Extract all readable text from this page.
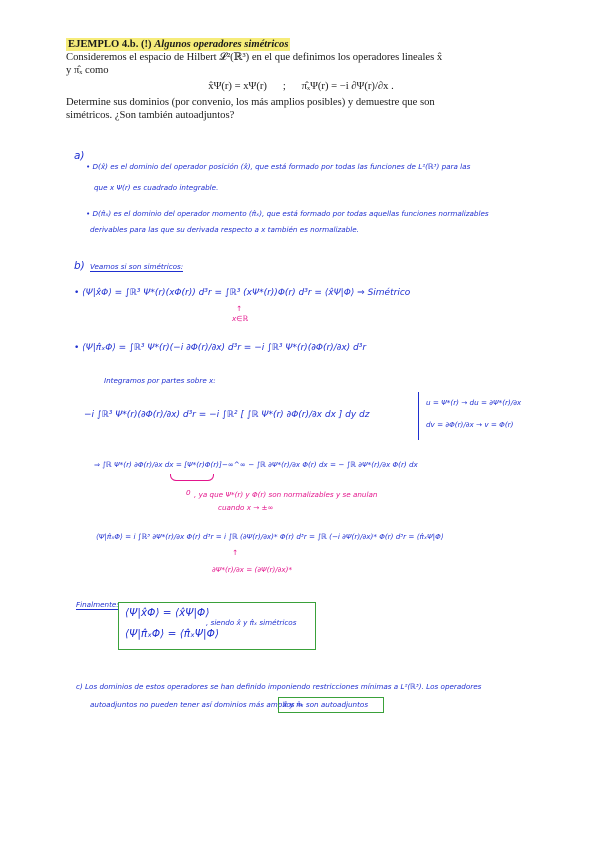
EJEMPLO 4.b. (!) Algunos operadores simétricos
Consideremos el espacio de Hilbert 𝓛²(ℝ³) en el que definimos los operadores lineales x̂
y π̂ₓ como
x̂Ψ(r) = xΨ(r)      ;      π̂ₓΨ(r) = −i ∂Ψ(r)/∂x .
Determine sus dominios (por convenio, los más amplios posibles) y demuestre que son
simétricos. ¿Son también autoadjuntos?
a)
• D(x̂) es el dominio del operador posición (x̂), que está formado por todas las funciones de L²(ℝ³) para las
que x Ψ(r) es cuadrado integrable.
• D(π̂ₓ) es el dominio del operador momento (π̂ₓ), que está formado por todas aquellas funciones normalizables
derivables para las que su derivada respecto a x también es normalizable.
b) Veamos si son simétricos:
• ⟨Ψ|x̂Φ⟩ = ∫ℝ³ Ψ*(r)(xΦ(r)) d³r = ∫ℝ³ (xΨ*(r))Φ(r) d³r = ⟨x̂Ψ|Φ⟩ ⇒ Simétrico
↑
x∈ℝ
• ⟨Ψ|π̂ₓΦ⟩ = ∫ℝ³ Ψ*(r)(−i ∂Φ(r)/∂x) d³r = −i ∫ℝ³ Ψ*(r)(∂Φ(r)/∂x) d³r
Integramos por partes sobre x:
−i ∫ℝ³ Ψ*(r)(∂Φ(r)/∂x) d³r = −i ∫ℝ² [ ∫ℝ Ψ*(r) ∂Φ(r)/∂x dx ] dy dz
u = Ψ*(r) → du = ∂Ψ*(r)/∂x
dv = ∂Φ(r)/∂x → v = Φ(r)
⇒ ∫ℝ Ψ*(r) ∂Φ(r)/∂x dx = [Ψ*(r)Φ(r)]−∞^∞ − ∫ℝ ∂Ψ*(r)/∂x Φ(r) dx = − ∫ℝ ∂Ψ*(r)/∂x Φ(r) dx
0 , ya que Ψ*(r) y Φ(r) son normalizables y se anulan
cuando x → ±∞
⟨Ψ|π̂ₓΦ⟩ = i ∫ℝ³ ∂Ψ*(r)/∂x Φ(r) d³r = i ∫ℝ (∂Ψ(r)/∂x)* Φ(r) d³r = ∫ℝ (−i ∂Ψ(r)/∂x)* Φ(r) d³r = ⟨π̂ₓΨ|Φ⟩
↑
∂Ψ*(r)/∂x = (∂Ψ(r)/∂x)*
Finalmente:
⟨Ψ|x̂Φ⟩ = ⟨x̂Ψ|Φ⟩
⟨Ψ|π̂ₓΦ⟩ = ⟨π̂ₓΨ|Φ⟩
, siendo x̂ y π̂ₓ simétricos
c) Los dominios de estos operadores se han definido imponiendo restricciones mínimas a L²(ℝ³). Los operadores
autoadjuntos no pueden tener así dominios más amplios ⇒
x̂ y π̂ₓ son autoadjuntos
